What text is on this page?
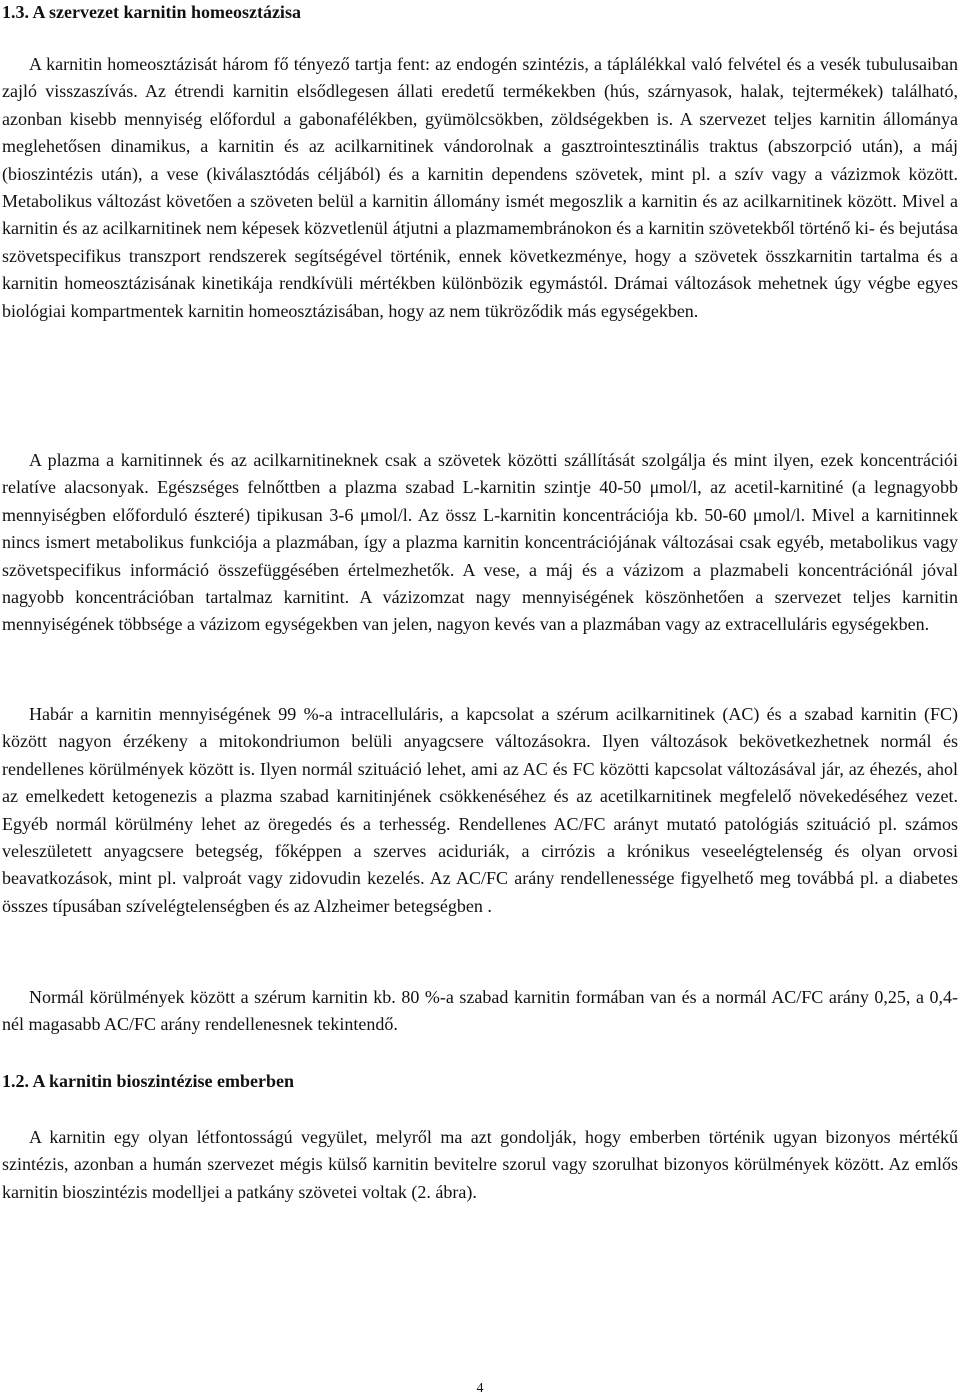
1.3. A szervezet karnitin homeosztázisa

A karnitin homeosztázisát három fő tényező tartja fent: az endogén szintézis, a táplálékkal való felvétel és a vesék tubulusaiban zajló visszaszívás. Az étrendi karnitin elsődlegesen állati eredetű termékekben (hús, szárnyasok, halak, tejtermékek) található, azonban kisebb mennyiség előfordul a gabonafélékben, gyümölcsökben, zöldségekben is. A szervezet teljes karnitin állománya meglehetősen dinamikus, a karnitin és az acilkarnitinek vándorolnak a gasztrointesztinális traktus (abszorpció után), a máj (bioszintézis után), a vese (kiválasztódás céljából) és a karnitin dependens szövetek, mint pl. a szív vagy a vázizmok között. Metabolikus változást követően a szöveten belül a karnitin állomány ismét megoszlik a karnitin és az acilkarnitinek között. Mivel a karnitin és az acilkarnitinek nem képesek közvetlenül átjutni a plazmamembránokon és a karnitin szövetekből történő ki- és bejutása szövetspecifikus transzport rendszerek segítségével történik, ennek következménye, hogy a szövetek összkarnitin tartalma és a karnitin homeosztázisának kinetikája rendkívüli mértékben különbözik egymástól. Drámai változások mehetnek úgy végbe egyes biológiai kompartmentek karnitin homeosztázisában, hogy az nem tükröződik más egységekben.

A plazma a karnitinnek és az acilkarnitineknek csak a szövetek közötti szállítását szolgálja és mint ilyen, ezek koncentrációi relatíve alacsonyak. Egészséges felnőttben a plazma szabad L-karnitin szintje 40-50 μmol/l, az acetil-karnitiné (a legnagyobb mennyiségben előforduló észteré) tipikusan 3-6 μmol/l. Az össz L-karnitin koncentrációja kb. 50-60 μmol/l. Mivel a karnitinnek nincs ismert metabolikus funkciója a plazmában, így a plazma karnitin koncentrációjának változásai csak egyéb, metabolikus vagy szövetspecifikus információ összefüggésében értelmezhetők. A vese, a máj és a vázizom a plazmabeli koncentrációnál jóval nagyobb koncentrációban tartalmaz karnitint. A vázizomzat nagy mennyiségének köszönhetően a szervezet teljes karnitin mennyiségének többsége a vázizom egységekben van jelen, nagyon kevés van a plazmában vagy az extracelluláris egységekben.

Habár a karnitin mennyiségének 99 %-a intracelluláris, a kapcsolat a szérum acilkarnitinek (AC) és a szabad karnitin (FC) között nagyon érzékeny a mitokondriumon belüli anyagcsere változásokra. Ilyen változások bekövetkezhetnek normál és rendellenes körülmények között is. Ilyen normál szituáció lehet, ami az AC és FC közötti kapcsolat változásával jár, az éhezés, ahol az emelkedett ketogenezis a plazma szabad karnitinjének csökkenéséhez és az acetilkarnitinek megfelelő növekedéséhez vezet. Egyéb normál körülmény lehet az öregedés és a terhesség. Rendellenes AC/FC arányt mutató patológiás szituáció pl. számos veleszületett anyagcsere betegség, főképpen a szerves aciduriák, a cirrózis a krónikus veseelégtelenség és olyan orvosi beavatkozások, mint pl. valproát vagy zidovudin kezelés. Az AC/FC arány rendellenessége figyelhető meg továbbá pl. a diabetes összes típusában szívelégtelenségben és az Alzheimer betegségben .

Normál körülmények között a szérum karnitin kb. 80 %-a szabad karnitin formában van és a normál AC/FC arány 0,25, a 0,4-nél magasabb AC/FC arány rendellenesnek tekintendő.

1.2. A karnitin bioszintézise emberben

A karnitin egy olyan létfontosságú vegyület, melyről ma azt gondolják, hogy emberben történik ugyan bizonyos mértékű szintézis, azonban a humán szervezet mégis külső karnitin bevitelre szorul vagy szorulhat bizonyos körülmények között. Az emlős karnitin bioszintézis modelljei a patkány szövetei voltak (2. ábra).

4
